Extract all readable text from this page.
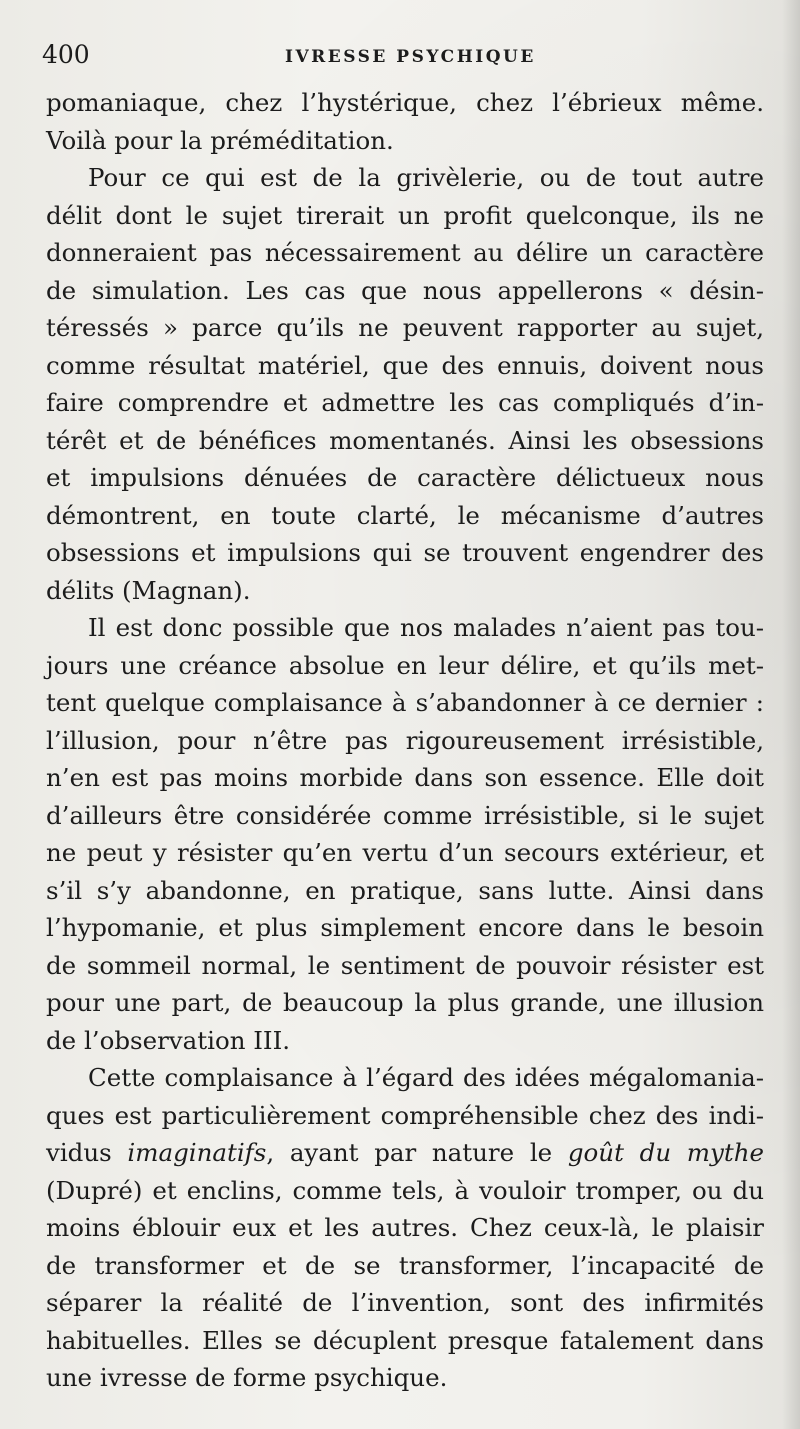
400	IVRESSE PSYCHIQUE
pomaniaque, chez l’hystérique, chez l’ébrieux même.
Voilà pour la préméditation.
Pour ce qui est de la grivèlerie, ou de tout autre
délit dont le sujet tirerait un profit quelconque, ils ne
donneraient pas nécessairement au délire un caractère
de simulation. Les cas que nous appellerons « désin-
téressés » parce qu’ils ne peuvent rapporter au sujet,
comme résultat matériel, que des ennuis, doivent nous
faire comprendre et admettre les cas compliqués d’in-
térêt et de bénéfices momentanés. Ainsi les obsessions
et impulsions dénuées de caractère délictueux nous
démontrent, en toute clarté, le mécanisme d’autres
obsessions et impulsions qui se trouvent engendrer des
délits (Magnan).
Il est donc possible que nos malades n’aient pas tou-
jours une créance absolue en leur délire, et qu’ils met-
tent quelque complaisance à s’abandonner à ce dernier :
l’illusion, pour n’être pas rigoureusement irrésistible,
n’en est pas moins morbide dans son essence. Elle doit
d’ailleurs être considérée comme irrésistible, si le sujet
ne peut y résister qu’en vertu d’un secours extérieur, et
s’il s’y abandonne, en pratique, sans lutte. Ainsi dans
l’hypomanie, et plus simplement encore dans le besoin
de sommeil normal, le sentiment de pouvoir résister est
pour une part, de beaucoup la plus grande, une illusion
de l’observation III.
Cette complaisance à l’égard des idées mégalomania-
ques est particulièrement compréhensible chez des indi-
vidus imaginatifs, ayant par nature le goût du mythe
(Dupré) et enclins, comme tels, à vouloir tromper, ou du
moins éblouir eux et les autres. Chez ceux-là, le plaisir
de transformer et de se transformer, l’incapacité de
séparer la réalité de l’invention, sont des infirmités
habituelles. Elles se décuplent presque fatalement dans
une ivresse de forme psychique.
